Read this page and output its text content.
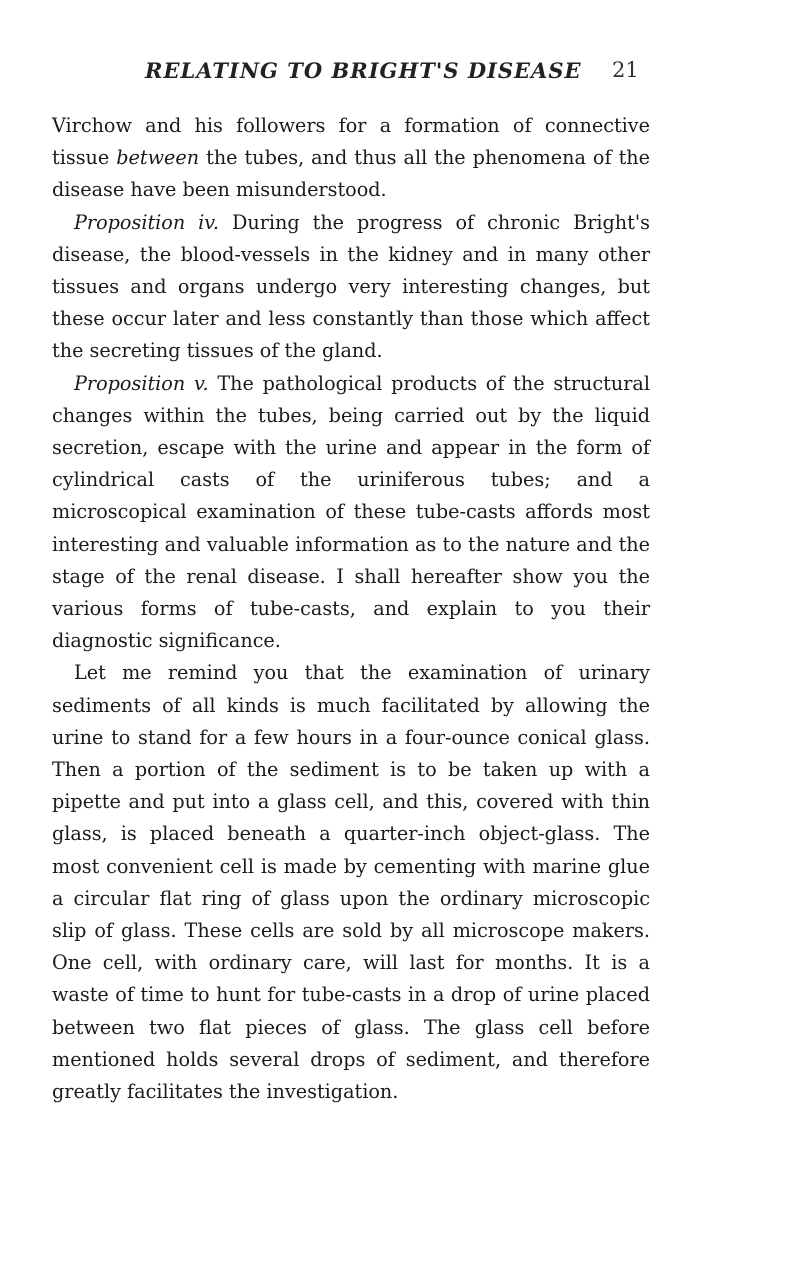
RELATING TO BRIGHT'S DISEASE	21

Virchow and his followers for a formation of connective tissue between the tubes, and thus all the phenomena of the disease have been misunderstood.

Proposition iv. During the progress of chronic Bright's disease, the blood-vessels in the kidney and in many other tissues and organs undergo very interesting changes, but these occur later and less constantly than those which affect the secreting tissues of the gland.

Proposition v. The pathological products of the structural changes within the tubes, being carried out by the liquid secretion, escape with the urine and appear in the form of cylindrical casts of the uriniferous tubes; and a microscopical examination of these tube-casts affords most interesting and valuable information as to the nature and the stage of the renal disease. I shall hereafter show you the various forms of tube-casts, and explain to you their diagnostic significance.

Let me remind you that the examination of urinary sediments of all kinds is much facilitated by allowing the urine to stand for a few hours in a four-ounce conical glass. Then a portion of the sediment is to be taken up with a pipette and put into a glass cell, and this, covered with thin glass, is placed beneath a quarter-inch object-glass. The most convenient cell is made by cementing with marine glue a circular flat ring of glass upon the ordinary microscopic slip of glass. These cells are sold by all microscope makers. One cell, with ordinary care, will last for months. It is a waste of time to hunt for tube-casts in a drop of urine placed between two flat pieces of glass. The glass cell before mentioned holds several drops of sediment, and therefore greatly facilitates the investigation.
